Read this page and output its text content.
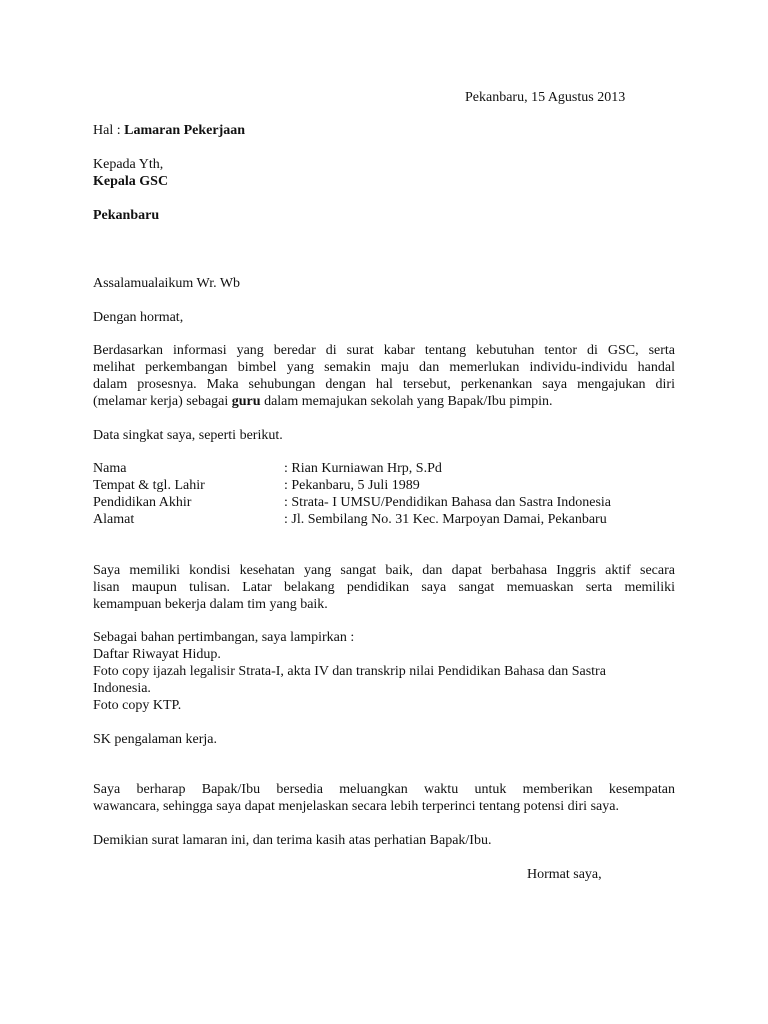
Pekanbaru, 15 Agustus 2013
Hal : Lamaran Pekerjaan
Kepada Yth,
Kepala GSC
Pekanbaru
Assalamualaikum Wr. Wb
Dengan hormat,

Berdasarkan informasi yang beredar di surat kabar tentang kebutuhan tentor di GSC, serta

melihat perkembangan bimbel yang semakin maju dan memerlukan individu-individu handal

dalam prosesnya. Maka sehubungan dengan hal tersebut, perkenankan saya mengajukan diri

(melamar kerja) sebagai guru dalam memajukan sekolah yang Bapak/Ibu pimpin.

Data singkat saya, seperti berikut.
Nama	: Rian Kurniawan Hrp, S.Pd
Tempat & tgl. Lahir	: Pekanbaru, 5 Juli 1989
Pendidikan Akhir	: Strata- I UMSU/Pendidikan Bahasa dan Sastra Indonesia
Alamat	: Jl. Sembilang No. 31 Kec. Marpoyan Damai, Pekanbaru

Saya memiliki kondisi kesehatan yang sangat baik, dan dapat berbahasa Inggris aktif secara

lisan maupun tulisan. Latar belakang pendidikan saya sangat memuaskan serta memiliki

kemampuan bekerja dalam tim yang baik.

Sebagai bahan pertimbangan, saya lampirkan :
Daftar Riwayat Hidup.
Foto copy ijazah legalisir Strata-I, akta IV dan transkrip nilai Pendidikan Bahasa dan Sastra
Indonesia.
Foto copy KTP.
SK pengalaman kerja.

Saya berharap Bapak/Ibu bersedia meluangkan waktu untuk memberikan kesempatan

wawancara, sehingga saya dapat menjelaskan secara lebih terperinci tentang potensi diri saya.

Demikian surat lamaran ini, dan terima kasih atas perhatian Bapak/Ibu.
Hormat saya,
